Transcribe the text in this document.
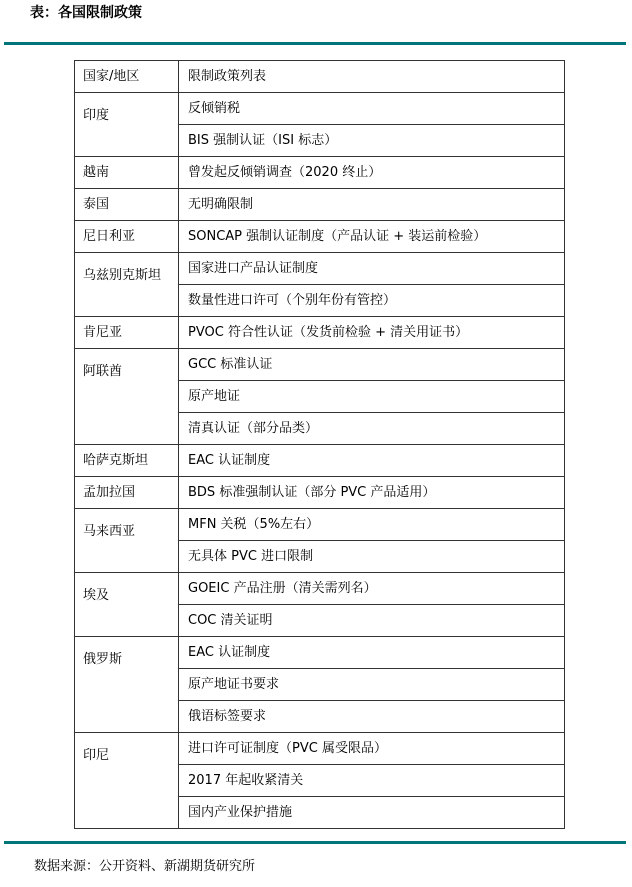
表：各国限制政策
国家/地区	限制政策列表
印度	反倾销税
	BIS 强制认证（ISI 标志）
越南	曾发起反倾销调查（2020 终止）
泰国	无明确限制
尼日利亚	SONCAP 强制认证制度（产品认证 + 装运前检验）
乌兹别克斯坦	国家进口产品认证制度
	数量性进口许可（个别年份有管控）
肯尼亚	PVOC 符合性认证（发货前检验 + 清关用证书）
阿联酋	GCC 标准认证
	原产地证
	清真认证（部分品类）
哈萨克斯坦	EAC 认证制度
孟加拉国	BDS 标准强制认证（部分 PVC 产品适用）
马来西亚	MFN 关税（5%左右）
	无具体 PVC 进口限制
埃及	GOEIC 产品注册（清关需列名）
	COC 清关证明
俄罗斯	EAC 认证制度
	原产地证书要求
	俄语标签要求
印尼	进口许可证制度（PVC 属受限品）
	2017 年起收紧清关
	国内产业保护措施
数据来源：公开资料、新湖期货研究所
